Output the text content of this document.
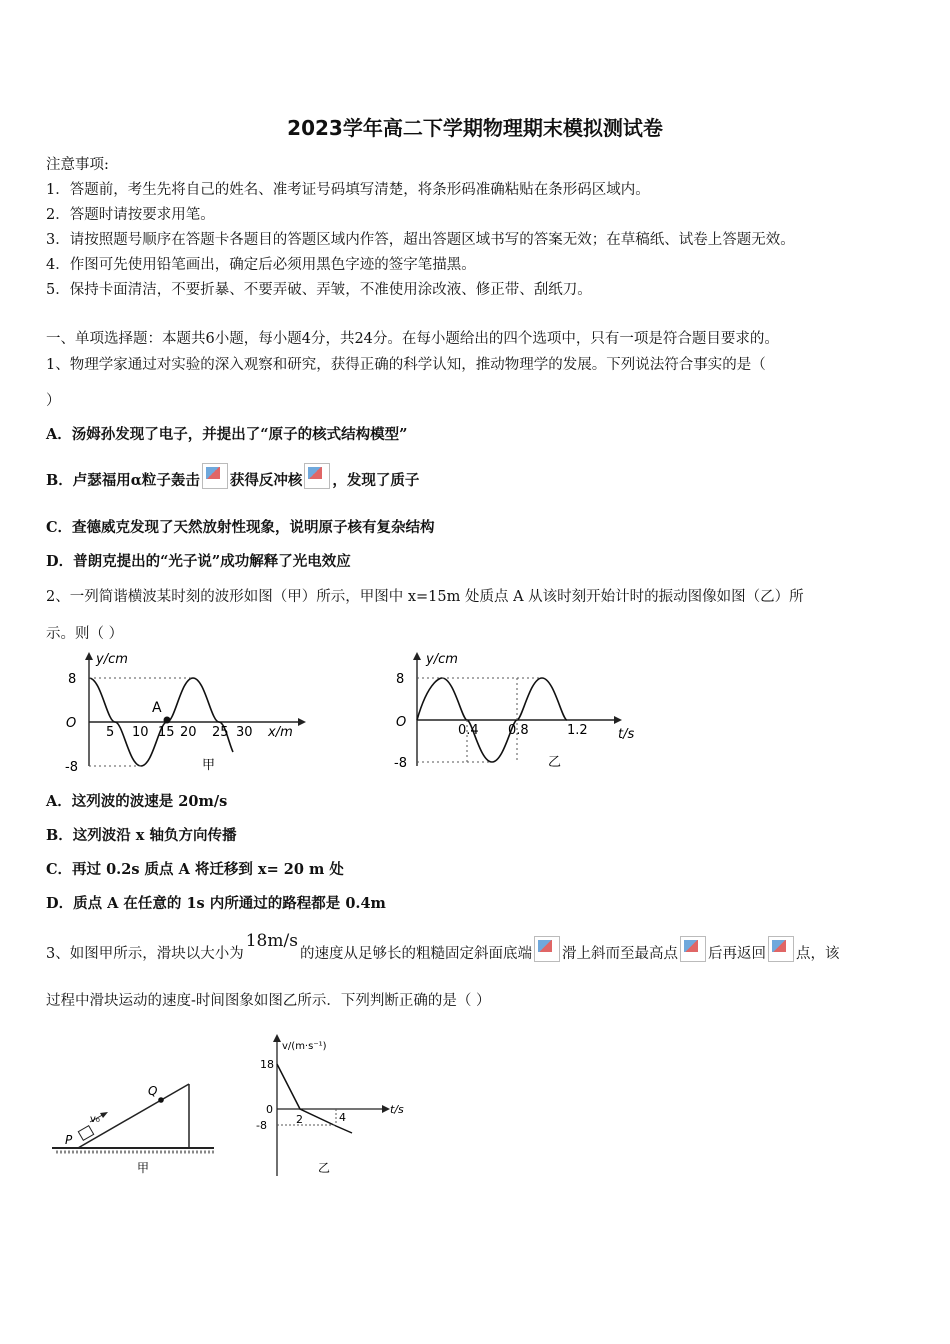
2023学年高二下学期物理期末模拟测试卷
注意事项:
1．答题前，考生先将自己的姓名、准考证号码填写清楚，将条形码准确粘贴在条形码区域内。
2．答题时请按要求用笔。
3．请按照题号顺序在答题卡各题目的答题区域内作答，超出答题区域书写的答案无效；在草稿纸、试卷上答题无效。
4．作图可先使用铅笔画出，确定后必须用黑色字迹的签字笔描黑。
5．保持卡面清洁，不要折暴、不要弄破、弄皱，不准使用涂改液、修正带、刮纸刀。
一、单项选择题：本题共6小题，每小题4分，共24分。在每小题给出的四个选项中，只有一项是符合题目要求的。
1、物理学家通过对实验的深入观察和研究，获得正确的科学认知，推动物理学的发展。下列说法符合事实的是（
）
A．汤姆孙发现了电子，并提出了“原子的核式结构模型”
B．卢瑟福用α粒子轰击 获得反冲核 ，发现了质子
C．查德威克发现了天然放射性现象，说明原子核有复杂结构
D．普朗克提出的“光子说”成功解释了光电效应
2、一列简谐横波某时刻的波形如图（甲）所示，甲图中 x=15m 处质点 A 从该时刻开始计时的振动图像如图（乙）所
示。则（ ）
y/cm
8
O
-8
A
5 10 15 20 25 30 x/m
甲
y/cm
8
O
-8
0.4 0.8	1.2 t/s
乙
A．这列波的波速是 20m/s
B．这列波沿 x 轴负方向传播
C．再过 0.2s 质点 A 将迁移到 x= 20 m 处
D．质点 A 在任意的 1s 内所通过的路程都是 0.4m
3、如图甲所示，滑块以大小为18m/s的速度从足够长的粗糙固定斜面底端 滑上斜而至最高点 后再返回 点，该
过程中滑块运动的速度-时间图象如图乙所示．下列判断正确的是（ ）
P
Q
v₀
甲
v/(m·s⁻¹)
18
0
-8	2	4
t/s
乙
